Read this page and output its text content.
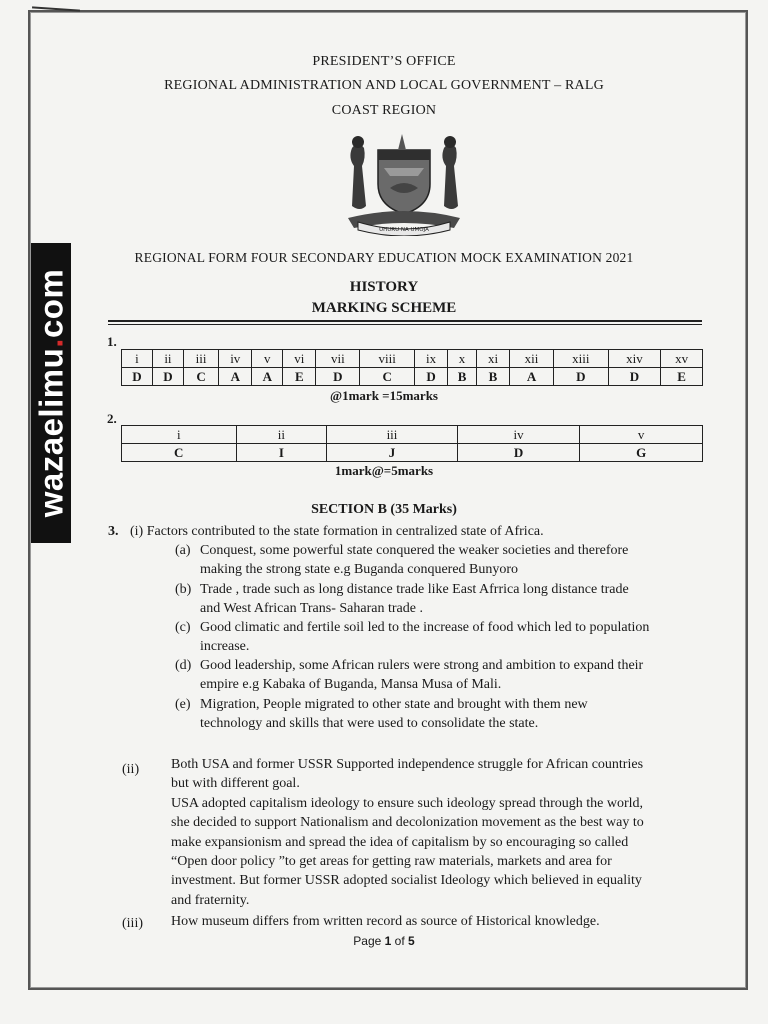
wazaelimu.com
PRESIDENT’S OFFICE
REGIONAL ADMINISTRATION AND LOCAL GOVERNMENT – RALG
COAST REGION
UHURU NA UMOJA
REGIONAL FORM FOUR SECONDARY EDUCATION MOCK EXAMINATION 2021
HISTORY
MARKING SCHEME
1.
i	ii	iii	iv	v	vi	vii	viii	ix	x	xi	xii	xiii	xiv	xv
D	D	C	A	A	E	D	C	D	B	B	A	D	D	E
@1mark =15marks
2.
i	ii	iii	iv	v
C	I	J	D	G
1mark@=5marks
SECTION B (35 Marks)
3. (i) Factors contributed to the state formation in centralized state of Africa.
(a) Conquest, some powerful state conquered the weaker societies and therefore
making the strong state e.g Buganda conquered Bunyoro
(b) Trade , trade such as long distance trade like East Afrrica long distance trade
and West African Trans- Saharan trade .
(c) Good climatic and fertile soil led to the increase of food which led to population
increase.
(d) Good leadership, some African rulers were strong and ambition to expand their
empire e.g Kabaka of Buganda, Mansa Musa of Mali.
(e) Migration, People migrated to other state and brought with them new
technology and skills that were used to consolidate the state.
(ii) Both USA and former USSR Supported independence struggle for African countries
but with different goal.
USA adopted capitalism ideology to ensure such ideology spread through the world,
she decided to support Nationalism and decolonization movement as the best way to
make expansionism and spread the idea of capitalism by so encouraging so called
“Open door policy ”to get areas for getting raw materials, markets and area for
investment. But former USSR adopted socialist Ideology which believed in equality
and fraternity.
(iii) How museum differs from written record as source of Historical knowledge.
Page 1 of 5
